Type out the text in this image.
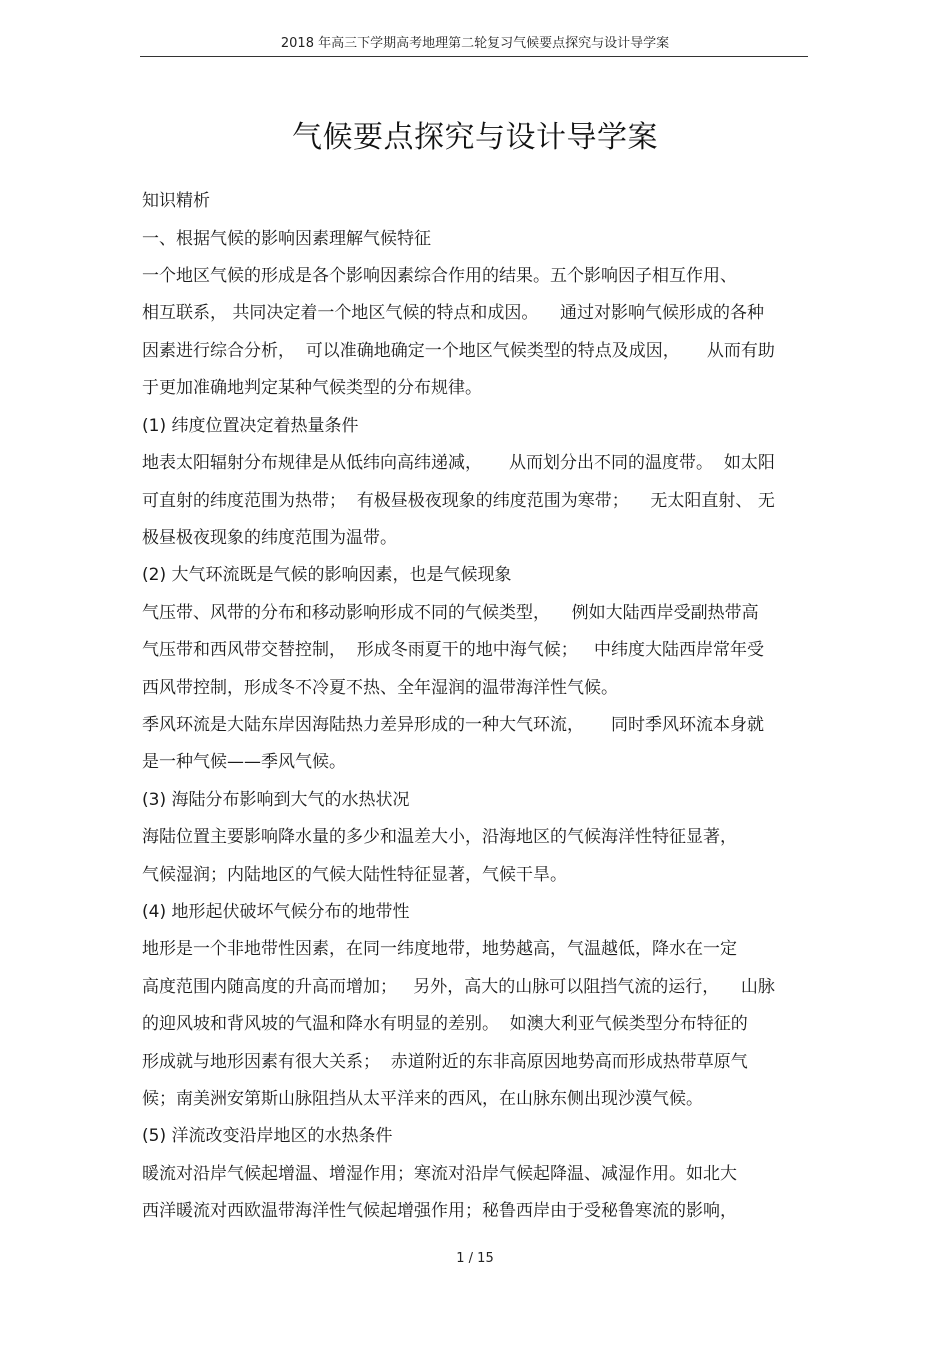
2018 年高三下学期高考地理第二轮复习气候要点探究与设计导学案
气候要点探究与设计导学案
知识精析
一、根据气候的影响因素理解气候特征
一个地区气候的形成是各个影响因素综合作用的结果。五个影响因子相互作用、
相互联系， 共同决定着一个地区气候的特点和成因。    通过对影响气候形成的各种
因素进行综合分析，  可以准确地确定一个地区气候类型的特点及成因，     从而有助
于更加准确地判定某种气候类型的分布规律。
(1) 纬度位置决定着热量条件
地表太阳辐射分布规律是从低纬向高纬递减，     从而划分出不同的温度带。  如太阳
可直射的纬度范围为热带；  有极昼极夜现象的纬度范围为寒带；    无太阳直射、 无
极昼极夜现象的纬度范围为温带。
(2) 大气环流既是气候的影响因素，也是气候现象
气压带、风带的分布和移动影响形成不同的气候类型，    例如大陆西岸受副热带高
气压带和西风带交替控制，  形成冬雨夏干的地中海气候；   中纬度大陆西岸常年受
西风带控制，形成冬不冷夏不热、全年湿润的温带海洋性气候。
季风环流是大陆东岸因海陆热力差异形成的一种大气环流，     同时季风环流本身就
是一种气候——季风气候。
(3) 海陆分布影响到大气的水热状况
海陆位置主要影响降水量的多少和温差大小，沿海地区的气候海洋性特征显著，
气候湿润；内陆地区的气候大陆性特征显著，气候干旱。
(4) 地形起伏破坏气候分布的地带性
地形是一个非地带性因素，在同一纬度地带，地势越高，气温越低，降水在一定
高度范围内随高度的升高而增加；   另外，高大的山脉可以阻挡气流的运行，    山脉
的迎风坡和背风坡的气温和降水有明显的差别。  如澳大利亚气候类型分布特征的
形成就与地形因素有很大关系；  赤道附近的东非高原因地势高而形成热带草原气
候；南美洲安第斯山脉阻挡从太平洋来的西风，在山脉东侧出现沙漠气候。
(5) 洋流改变沿岸地区的水热条件
暖流对沿岸气候起增温、增湿作用；寒流对沿岸气候起降温、减湿作用。如北大
西洋暖流对西欧温带海洋性气候起增强作用；秘鲁西岸由于受秘鲁寒流的影响，
1 / 15
